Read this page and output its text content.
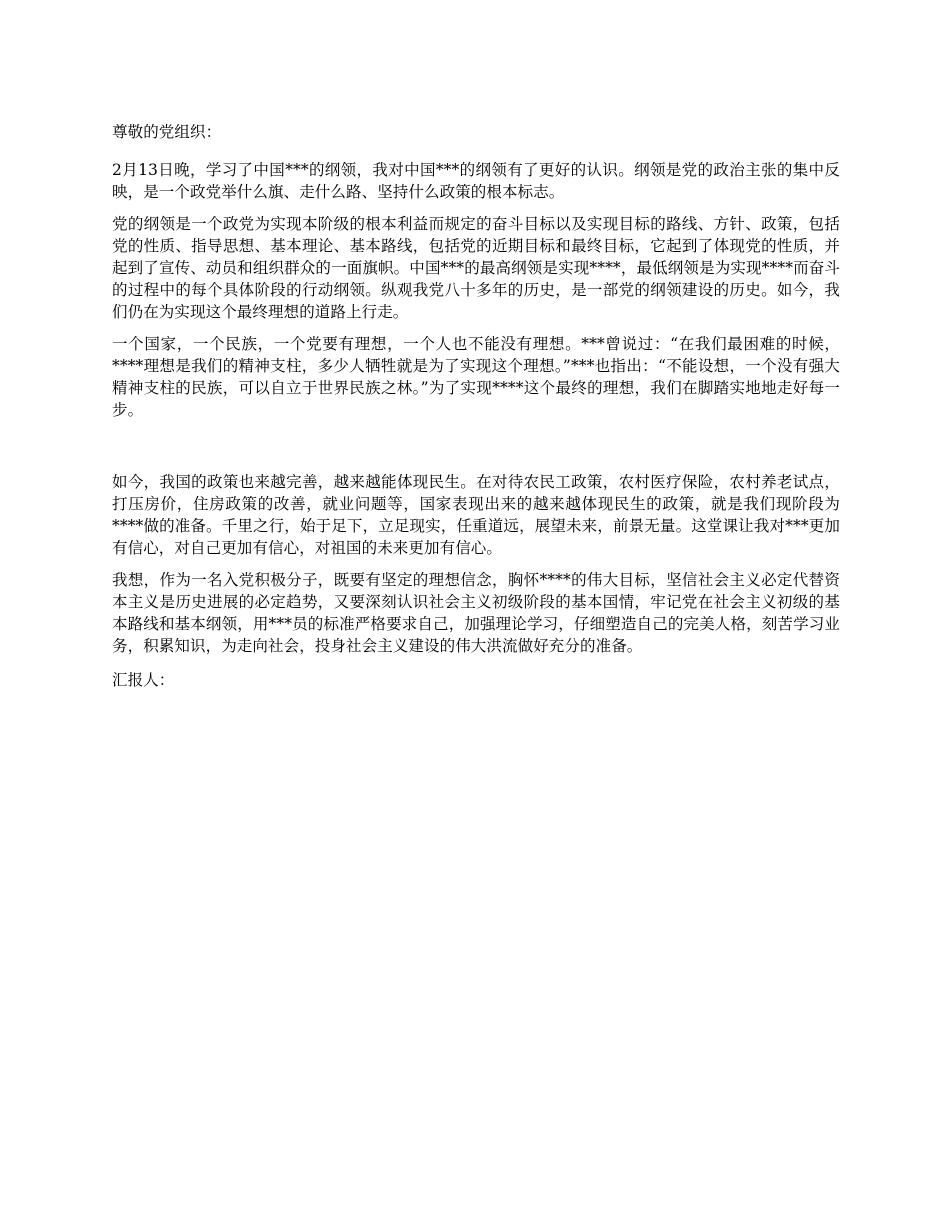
尊敬的党组织：

2月13日晚，学习了中国***的纲领，我对中国***的纲领有了更好的认识。纲领是党的政治主张的集中反映，是一个政党举什么旗、走什么路、坚持什么政策的根本标志。

党的纲领是一个政党为实现本阶级的根本利益而规定的奋斗目标以及实现目标的路线、方针、政策，包括党的性质、指导思想、基本理论、基本路线，包括党的近期目标和最终目标，它起到了体现党的性质，并起到了宣传、动员和组织群众的一面旗帜。中国***的最高纲领是实现****，最低纲领是为实现****而奋斗的过程中的每个具体阶段的行动纲领。纵观我党八十多年的历史，是一部党的纲领建设的历史。如今，我们仍在为实现这个最终理想的道路上行走。

一个国家，一个民族，一个党要有理想，一个人也不能没有理想。***曾说过：“在我们最困难的时候，****理想是我们的精神支柱，多少人牺牲就是为了实现这个理想。”***也指出：“不能设想，一个没有强大精神支柱的民族，可以自立于世界民族之林。”为了实现****这个最终的理想，我们在脚踏实地地走好每一步。

如今，我国的政策也来越完善，越来越能体现民生。在对待农民工政策，农村医疗保险，农村养老试点，打压房价，住房政策的改善，就业问题等，国家表现出来的越来越体现民生的政策，就是我们现阶段为****做的准备。千里之行，始于足下，立足现实，任重道远，展望未来，前景无量。这堂课让我对***更加有信心，对自己更加有信心，对祖国的未来更加有信心。

我想，作为一名入党积极分子，既要有坚定的理想信念，胸怀****的伟大目标，坚信社会主义必定代替资本主义是历史进展的必定趋势，又要深刻认识社会主义初级阶段的基本国情，牢记党在社会主义初级的基本路线和基本纲领，用***员的标准严格要求自己，加强理论学习，仔细塑造自己的完美人格，刻苦学习业务，积累知识，为走向社会，投身社会主义建设的伟大洪流做好充分的准备。

汇报人：
